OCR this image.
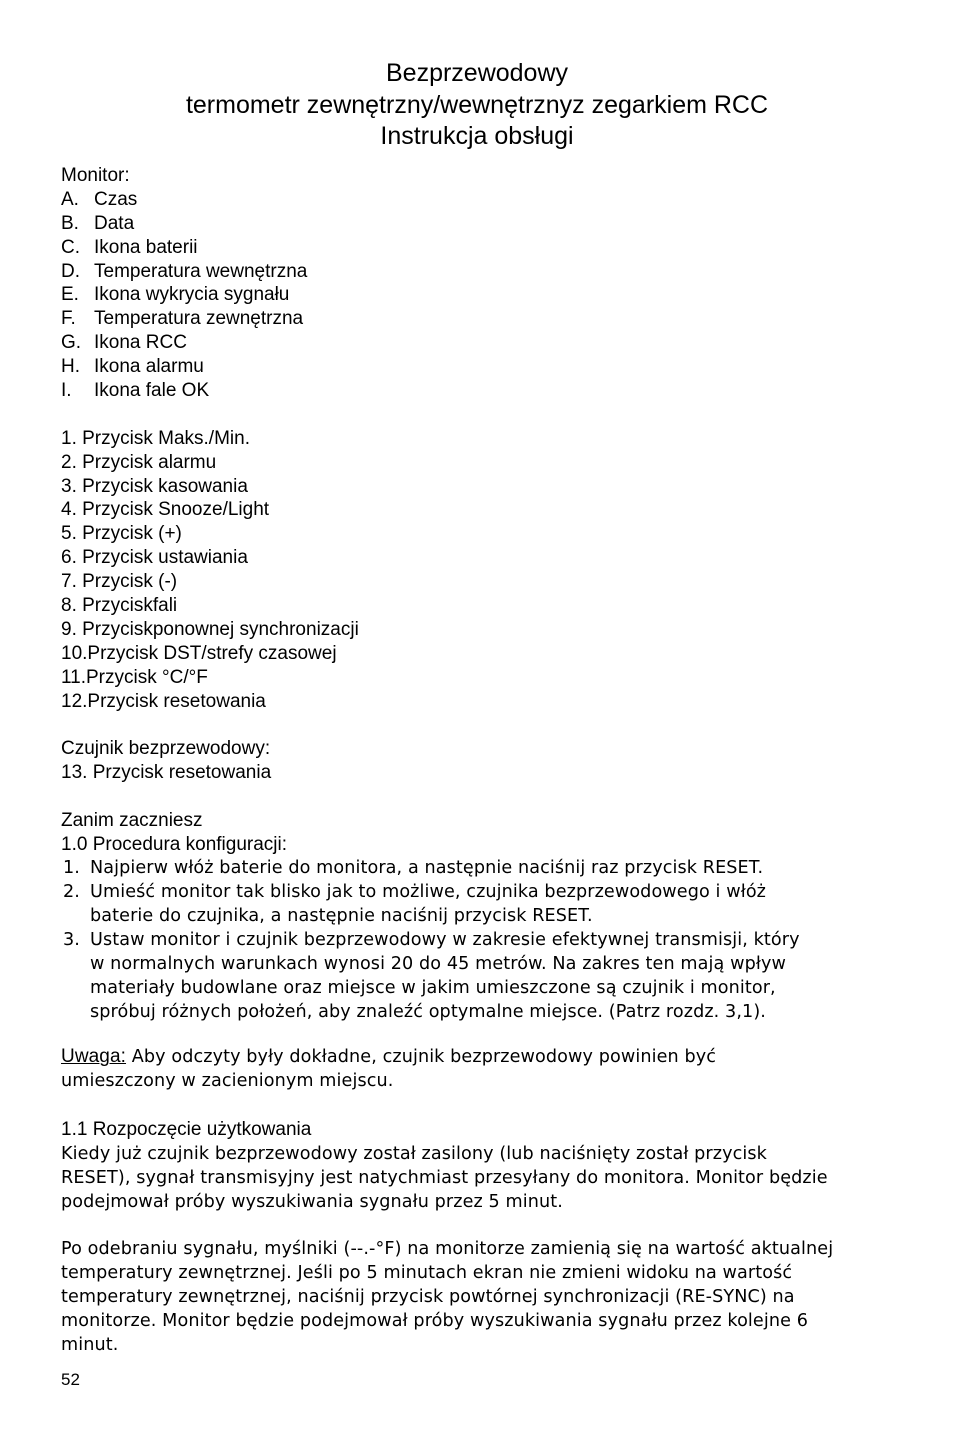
Bezprzewodowy
termometr zewnętrzny/wewnętrznyz zegarkiem RCC
Instrukcja obsługi
Monitor:
A. Czas
B. Data
C. Ikona baterii
D. Temperatura wewnętrzna
E. Ikona wykrycia sygnału
F. Temperatura zewnętrzna
G. Ikona RCC
H. Ikona alarmu
I. Ikona fale OK
1. Przycisk Maks./Min.
2. Przycisk alarmu
3. Przycisk kasowania
4. Przycisk Snooze/Light
5. Przycisk (+)
6. Przycisk ustawiania
7. Przycisk (-)
8. Przyciskfali
9. Przyciskponownej synchronizacji
10.Przycisk DST/strefy czasowej
11.Przycisk °C/°F
12.Przycisk resetowania
Czujnik bezprzewodowy:
13. Przycisk resetowania
Zanim zaczniesz
1.0 Procedura konfiguracji:
1. Najpierw włóż baterie do monitora, a następnie naciśnij raz przycisk RESET.
2. Umieść monitor tak blisko jak to możliwe, czujnika bezprzewodowego i włóż
baterie do czujnika, a następnie naciśnij przycisk RESET.
3. Ustaw monitor i czujnik bezprzewodowy w zakresie efektywnej transmisji, który
w normalnych warunkach wynosi 20 do 45 metrów. Na zakres ten mają wpływ
materiały budowlane oraz miejsce w jakim umieszczone są czujnik i monitor,
spróbuj różnych położeń, aby znaleźć optymalne miejsce. (Patrz rozdz. 3,1).
Uwaga: Aby odczyty były dokładne, czujnik bezprzewodowy powinien być
umieszczony w zacienionym miejscu.
1.1 Rozpoczęcie użytkowania
Kiedy już czujnik bezprzewodowy został zasilony (lub naciśnięty został przycisk
RESET), sygnał transmisyjny jest natychmiast przesyłany do monitora. Monitor będzie
podejmował próby wyszukiwania sygnału przez 5 minut.
Po odebraniu sygnału, myślniki (--.-°F) na monitorze zamienią się na wartość aktualnej
temperatury zewnętrznej. Jeśli po 5 minutach ekran nie zmieni widoku na wartość
temperatury zewnętrznej, naciśnij przycisk powtórnej synchronizacji (RE-SYNC) na
monitorze. Monitor będzie podejmował próby wyszukiwania sygnału przez kolejne 6
minut.
52
